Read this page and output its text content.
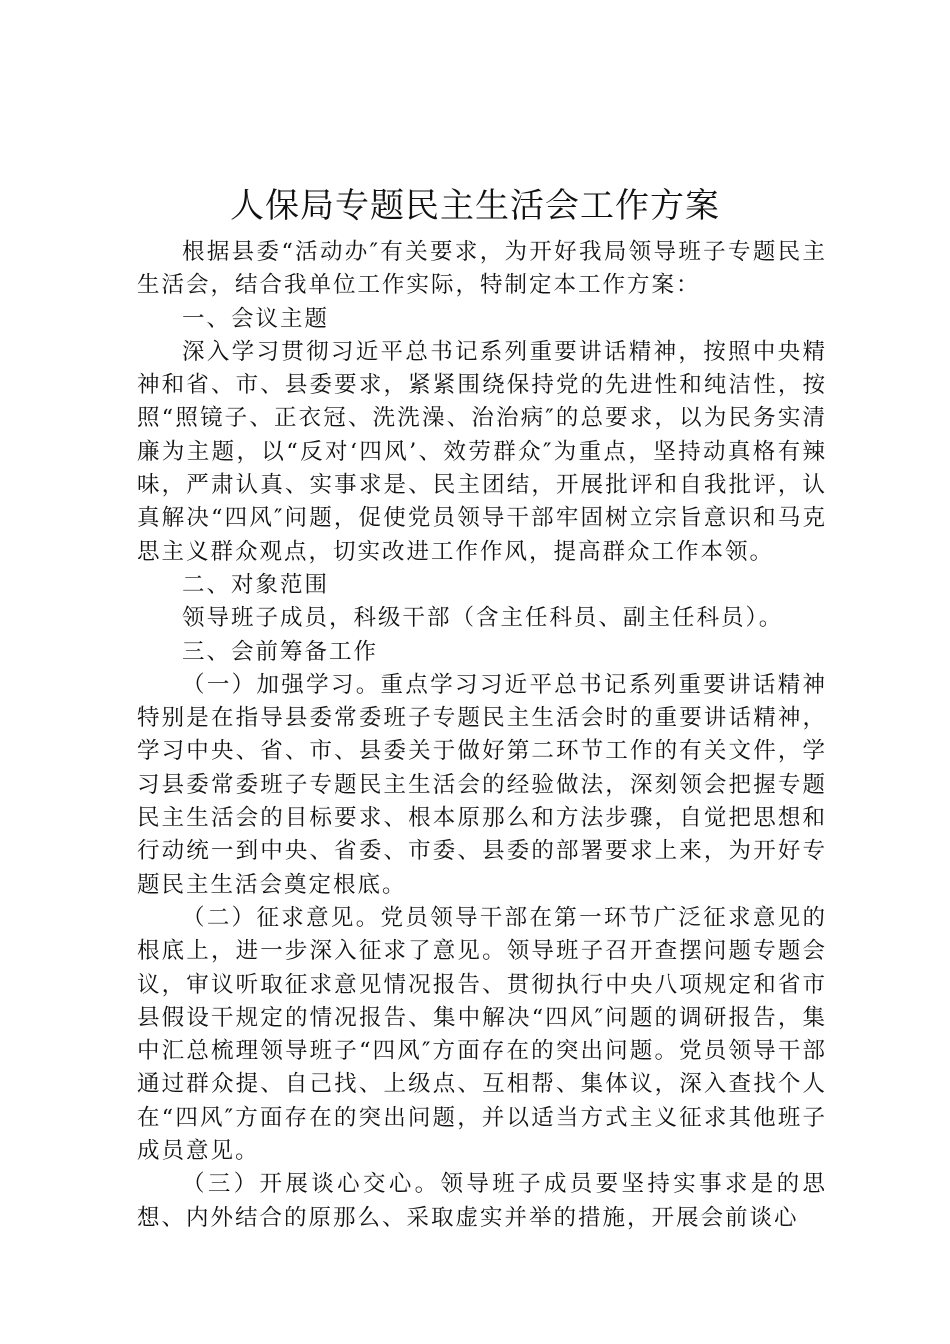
人保局专题民主生活会工作方案

根据县委“活动办″有关要求，为开好我局领导班子专题民主生活会，结合我单位工作实际，特制定本工作方案：

一、会议主题

深入学习贯彻习近平总书记系列重要讲话精神，按照中央精神和省、市、县委要求，紧紧围绕保持党的先进性和纯洁性，按照“照镜子、正衣冠、洗洗澡、治治病″的总要求，以为民务实清廉为主题，以“反对‘四风’、效劳群众″为重点，坚持动真格有辣味，严肃认真、实事求是、民主团结，开展批评和自我批评，认真解决“四风″问题，促使党员领导干部牢固树立宗旨意识和马克思主义群众观点，切实改进工作作风，提高群众工作本领。

二、对象范围

领导班子成员，科级干部（含主任科员、副主任科员）。

三、会前筹备工作

（一）加强学习。重点学习习近平总书记系列重要讲话精神特别是在指导县委常委班子专题民主生活会时的重要讲话精神，学习中央、省、市、县委关于做好第二环节工作的有关文件，学习县委常委班子专题民主生活会的经验做法，深刻领会把握专题民主生活会的目标要求、根本原那么和方法步骤，自觉把思想和行动统一到中央、省委、市委、县委的部署要求上来，为开好专题民主生活会奠定根底。

（二）征求意见。党员领导干部在第一环节广泛征求意见的根底上，进一步深入征求了意见。领导班子召开查摆问题专题会议，审议听取征求意见情况报告、贯彻执行中央八项规定和省市县假设干规定的情况报告、集中解决“四风″问题的调研报告，集中汇总梳理领导班子“四风″方面存在的突出问题。党员领导干部通过群众提、自己找、上级点、互相帮、集体议，深入查找个人在“四风″方面存在的突出问题，并以适当方式主义征求其他班子成员意见。

（三）开展谈心交心。领导班子成员要坚持实事求是的思想、内外结合的原那么、采取虚实并举的措施，开展会前谈心
